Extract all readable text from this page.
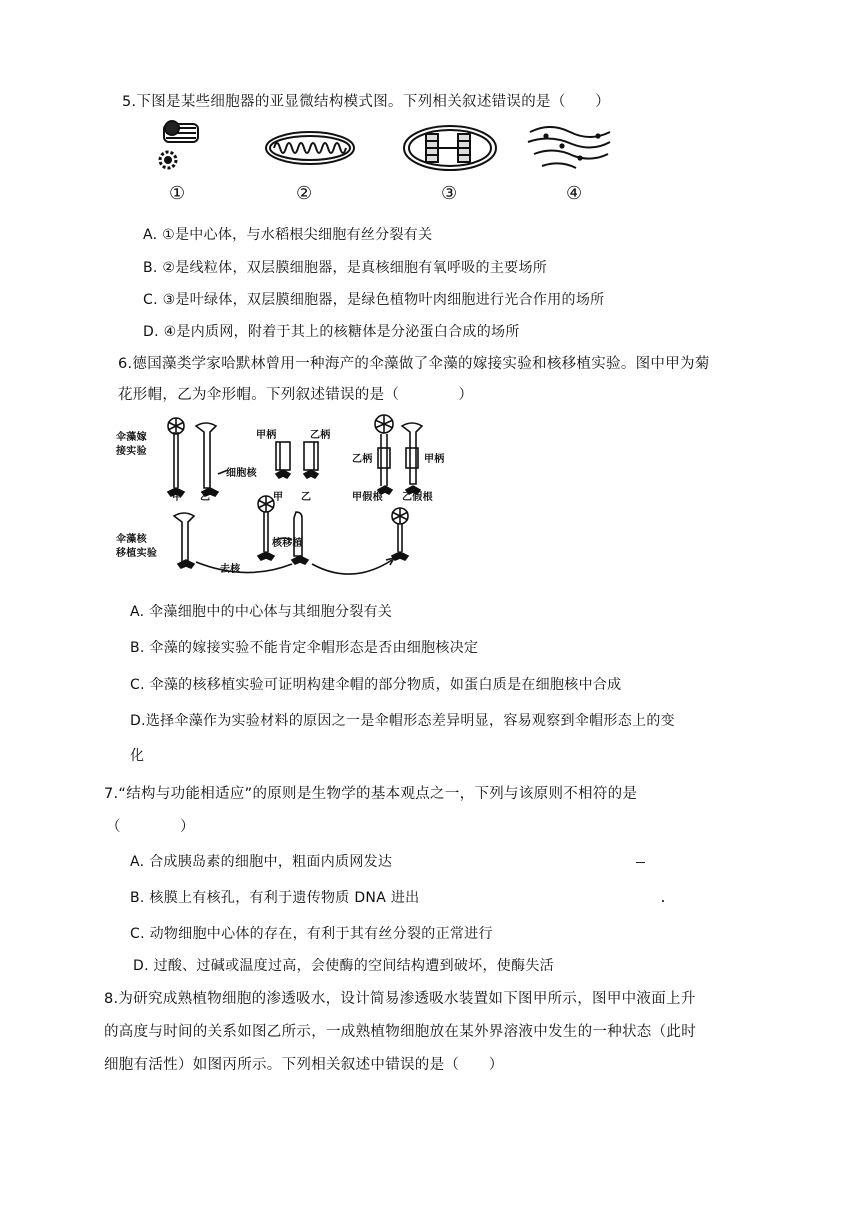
5.下图是某些细胞器的亚显微结构模式图。下列相关叙述错误的是（　　）
①	②	③	④
A. ①是中心体，与水稻根尖细胞有丝分裂有关
B. ②是线粒体，双层膜细胞器，是真核细胞有氧呼吸的主要场所
C. ③是叶绿体，双层膜细胞器，是绿色植物叶肉细胞进行光合作用的场所
D. ④是内质网，附着于其上的核糖体是分泌蛋白合成的场所
6.德国藻类学家哈默林曾用一种海产的伞藻做了伞藻的嫁接实验和核移植实验。图中甲为菊
花形帽，乙为伞形帽。下列叙述错误的是（　　　　）
伞藻嫁
接实验
伞藻核
移植实验
细胞核
甲 乙	甲 乙
甲柄	乙柄
乙柄	甲柄
甲假根 乙假根
核移植
去核
A. 伞藻细胞中的中心体与其细胞分裂有关
B. 伞藻的嫁接实验不能肯定伞帽形态是否由细胞核决定
C. 伞藻的核移植实验可证明构建伞帽的部分物质，如蛋白质是在细胞核中合成
D.选择伞藻作为实验材料的原因之一是伞帽形态差异明显，容易观察到伞帽形态上的变
化
7.“结构与功能相适应”的原则是生物学的基本观点之一，下列与该原则不相符的是
（　　　　）
A. 合成胰岛素的细胞中，粗面内质网发达
B. 核膜上有核孔，有利于遗传物质 DNA 进出
C. 动物细胞中心体的存在，有利于其有丝分裂的正常进行
D. 过酸、过碱或温度过高，会使酶的空间结构遭到破坏，使酶失活
8.为研究成熟植物细胞的渗透吸水，设计简易渗透吸水装置如下图甲所示，图甲中液面上升
的高度与时间的关系如图乙所示，一成熟植物细胞放在某外界溶液中发生的一种状态（此时
细胞有活性）如图丙所示。下列相关叙述中错误的是（　　）
